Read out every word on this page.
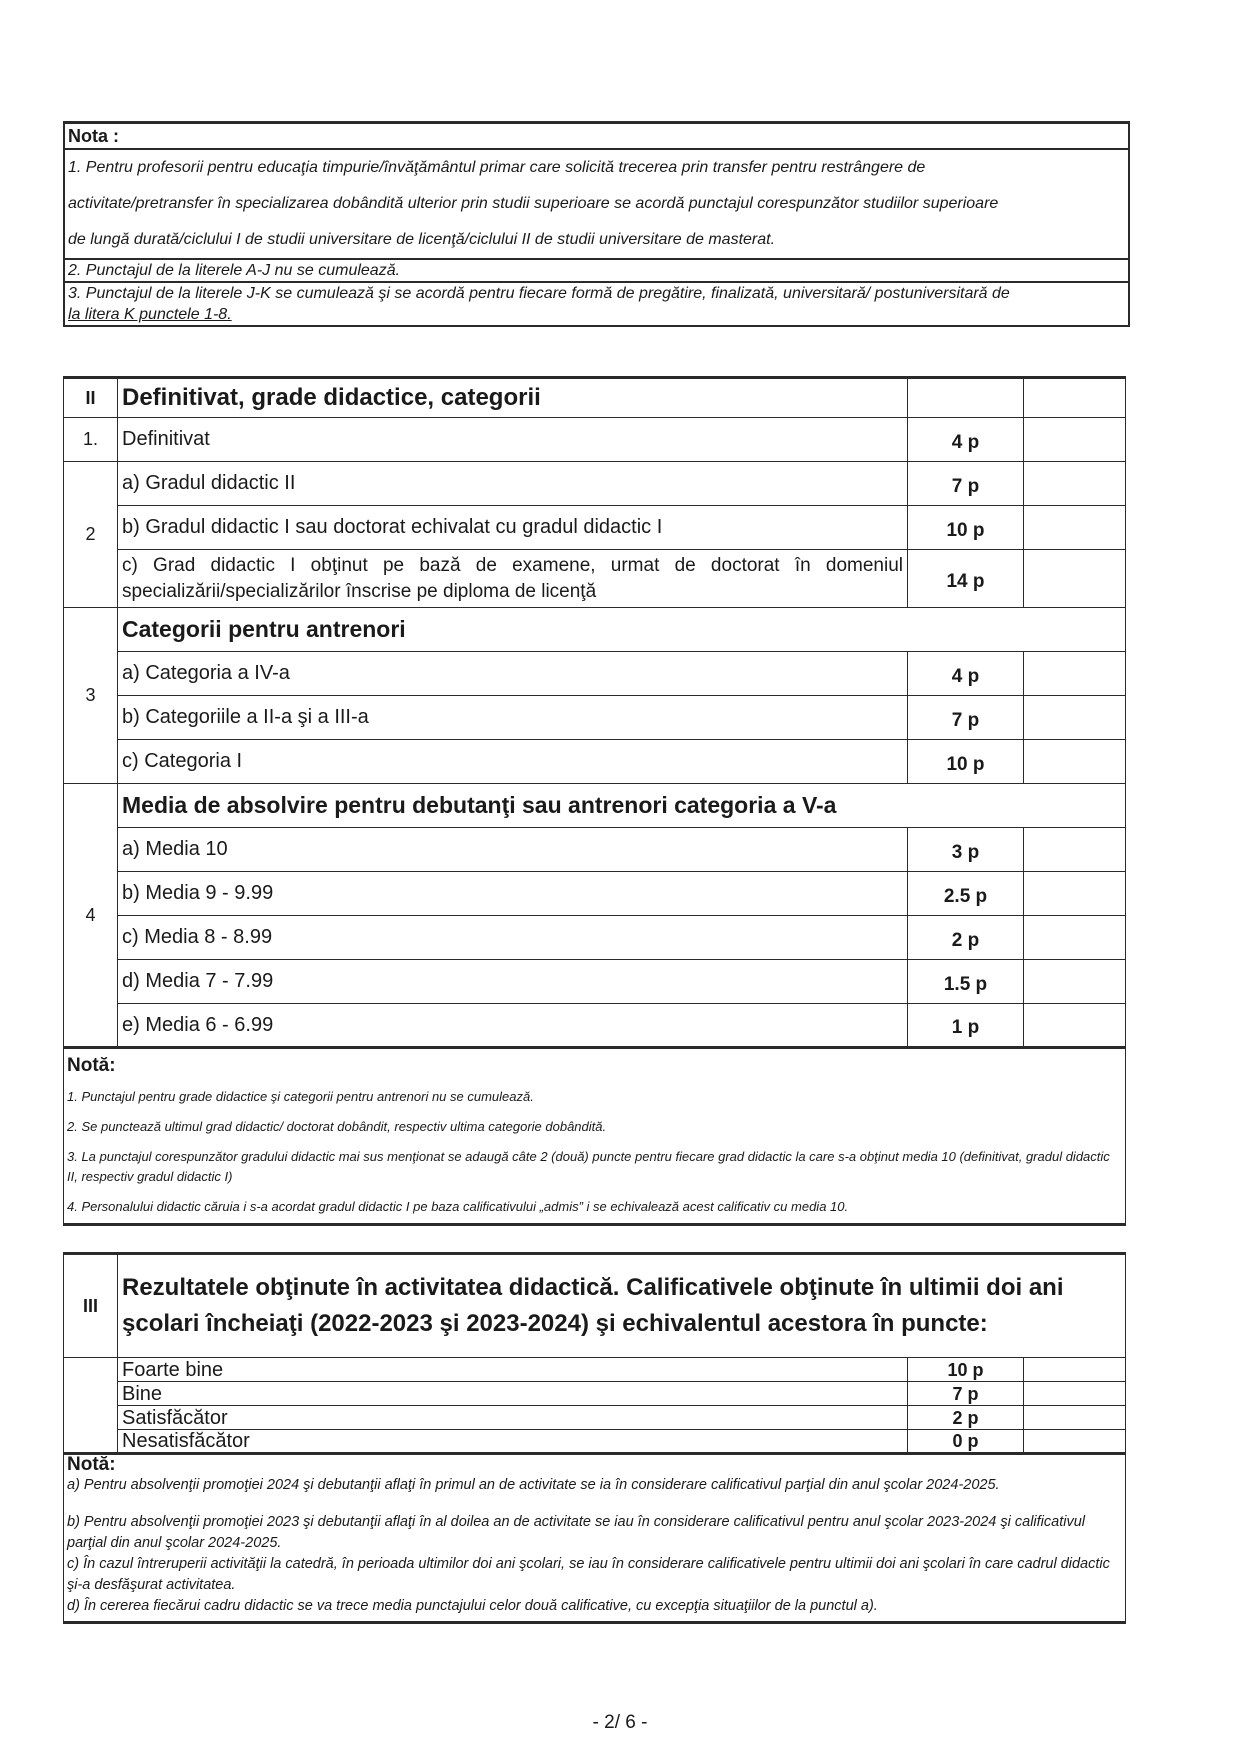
Nota :
1. Pentru profesorii pentru educaţia timpurie/învăţământul primar care solicită trecerea prin transfer pentru restrângere de
activitate/pretransfer în specializarea dobândită ulterior prin studii superioare se acordă punctajul corespunzător studiilor superioare
de lungă durată/ciclului I de studii universitare de licenţă/ciclului II de studii universitare de masterat.
2. Punctajul de la literele A-J nu se cumulează.
3. Punctajul de la literele J-K se cumulează şi se acordă pentru fiecare formă de pregătire, finalizată, universitară/ postuniversitară de
la litera K punctele 1-8.
II	Definitivat, grade didactice, categorii		
1.	Definitivat	4 p	
2	a) Gradul didactic II	7 p	
	b) Gradul didactic I sau doctorat echivalat cu gradul didactic I	10 p	
	c) Grad didactic I obţinut pe bază de examene, urmat de doctorat în domeniul specializării/specializărilor înscrise pe diploma de licenţă	14 p	
3	Categorii pentru antrenori		
	a) Categoria a IV-a	4 p	
	b) Categoriile a II-a şi a III-a	7 p	
	c) Categoria I	10 p	
4	Media de absolvire pentru debutanţi sau antrenori categoria a V-a		
	a) Media 10	3 p	
	b) Media 9 - 9.99	2.5 p	
	c) Media 8 - 8.99	2 p	
	d) Media 7 - 7.99	1.5 p	
	e) Media 6 - 6.99	1 p	

Notă:

1. Punctajul pentru grade didactice şi categorii pentru antrenori nu se cumulează.

2. Se punctează ultimul grad didactic/ doctorat dobândit, respectiv ultima categorie dobândită.

3. La punctajul corespunzător gradului didactic mai sus menţionat se adaugă câte 2 (două) puncte pentru fiecare grad didactic la care s-a obţinut media 10 (definitivat, gradul didactic II, respectiv gradul didactic I)

4. Personalului didactic căruia i s-a acordat gradul didactic I pe baza calificativului „admis” i se echivalează acest calificativ cu media 10.			

III	Rezultatele obţinute în activitatea didactică. Calificativele obţinute în ultimii doi ani şcolari încheiaţi (2022-2023 şi 2023-2024) şi echivalentul acestora în puncte:		
	Foarte bine	10 p	
	Bine	7 p	
	Satisfăcător	2 p	
	Nesatisfăcător	0 p	

Notă:

a) Pentru absolvenţii promoţiei 2024 şi debutanţii aflaţi în primul an de activitate se ia în considerare calificativul parţial din anul şcolar 2024-2025.

b) Pentru absolvenţii promoţiei 2023 şi debutanţii aflaţi în al doilea an de activitate se iau în considerare calificativul pentru anul şcolar 2023-2024 şi calificativul parţial din anul şcolar 2024-2025.

c) În cazul întreruperii activităţii la catedră, în perioada ultimilor doi ani şcolari, se iau în considerare calificativele pentru ultimii doi ani şcolari în care cadrul didactic şi-a desfăşurat activitatea.

d) În cererea fiecărui cadru didactic se va trece media punctajului celor două calificative, cu excepţia situaţiilor de la punctul a).			

- 2/ 6 -
